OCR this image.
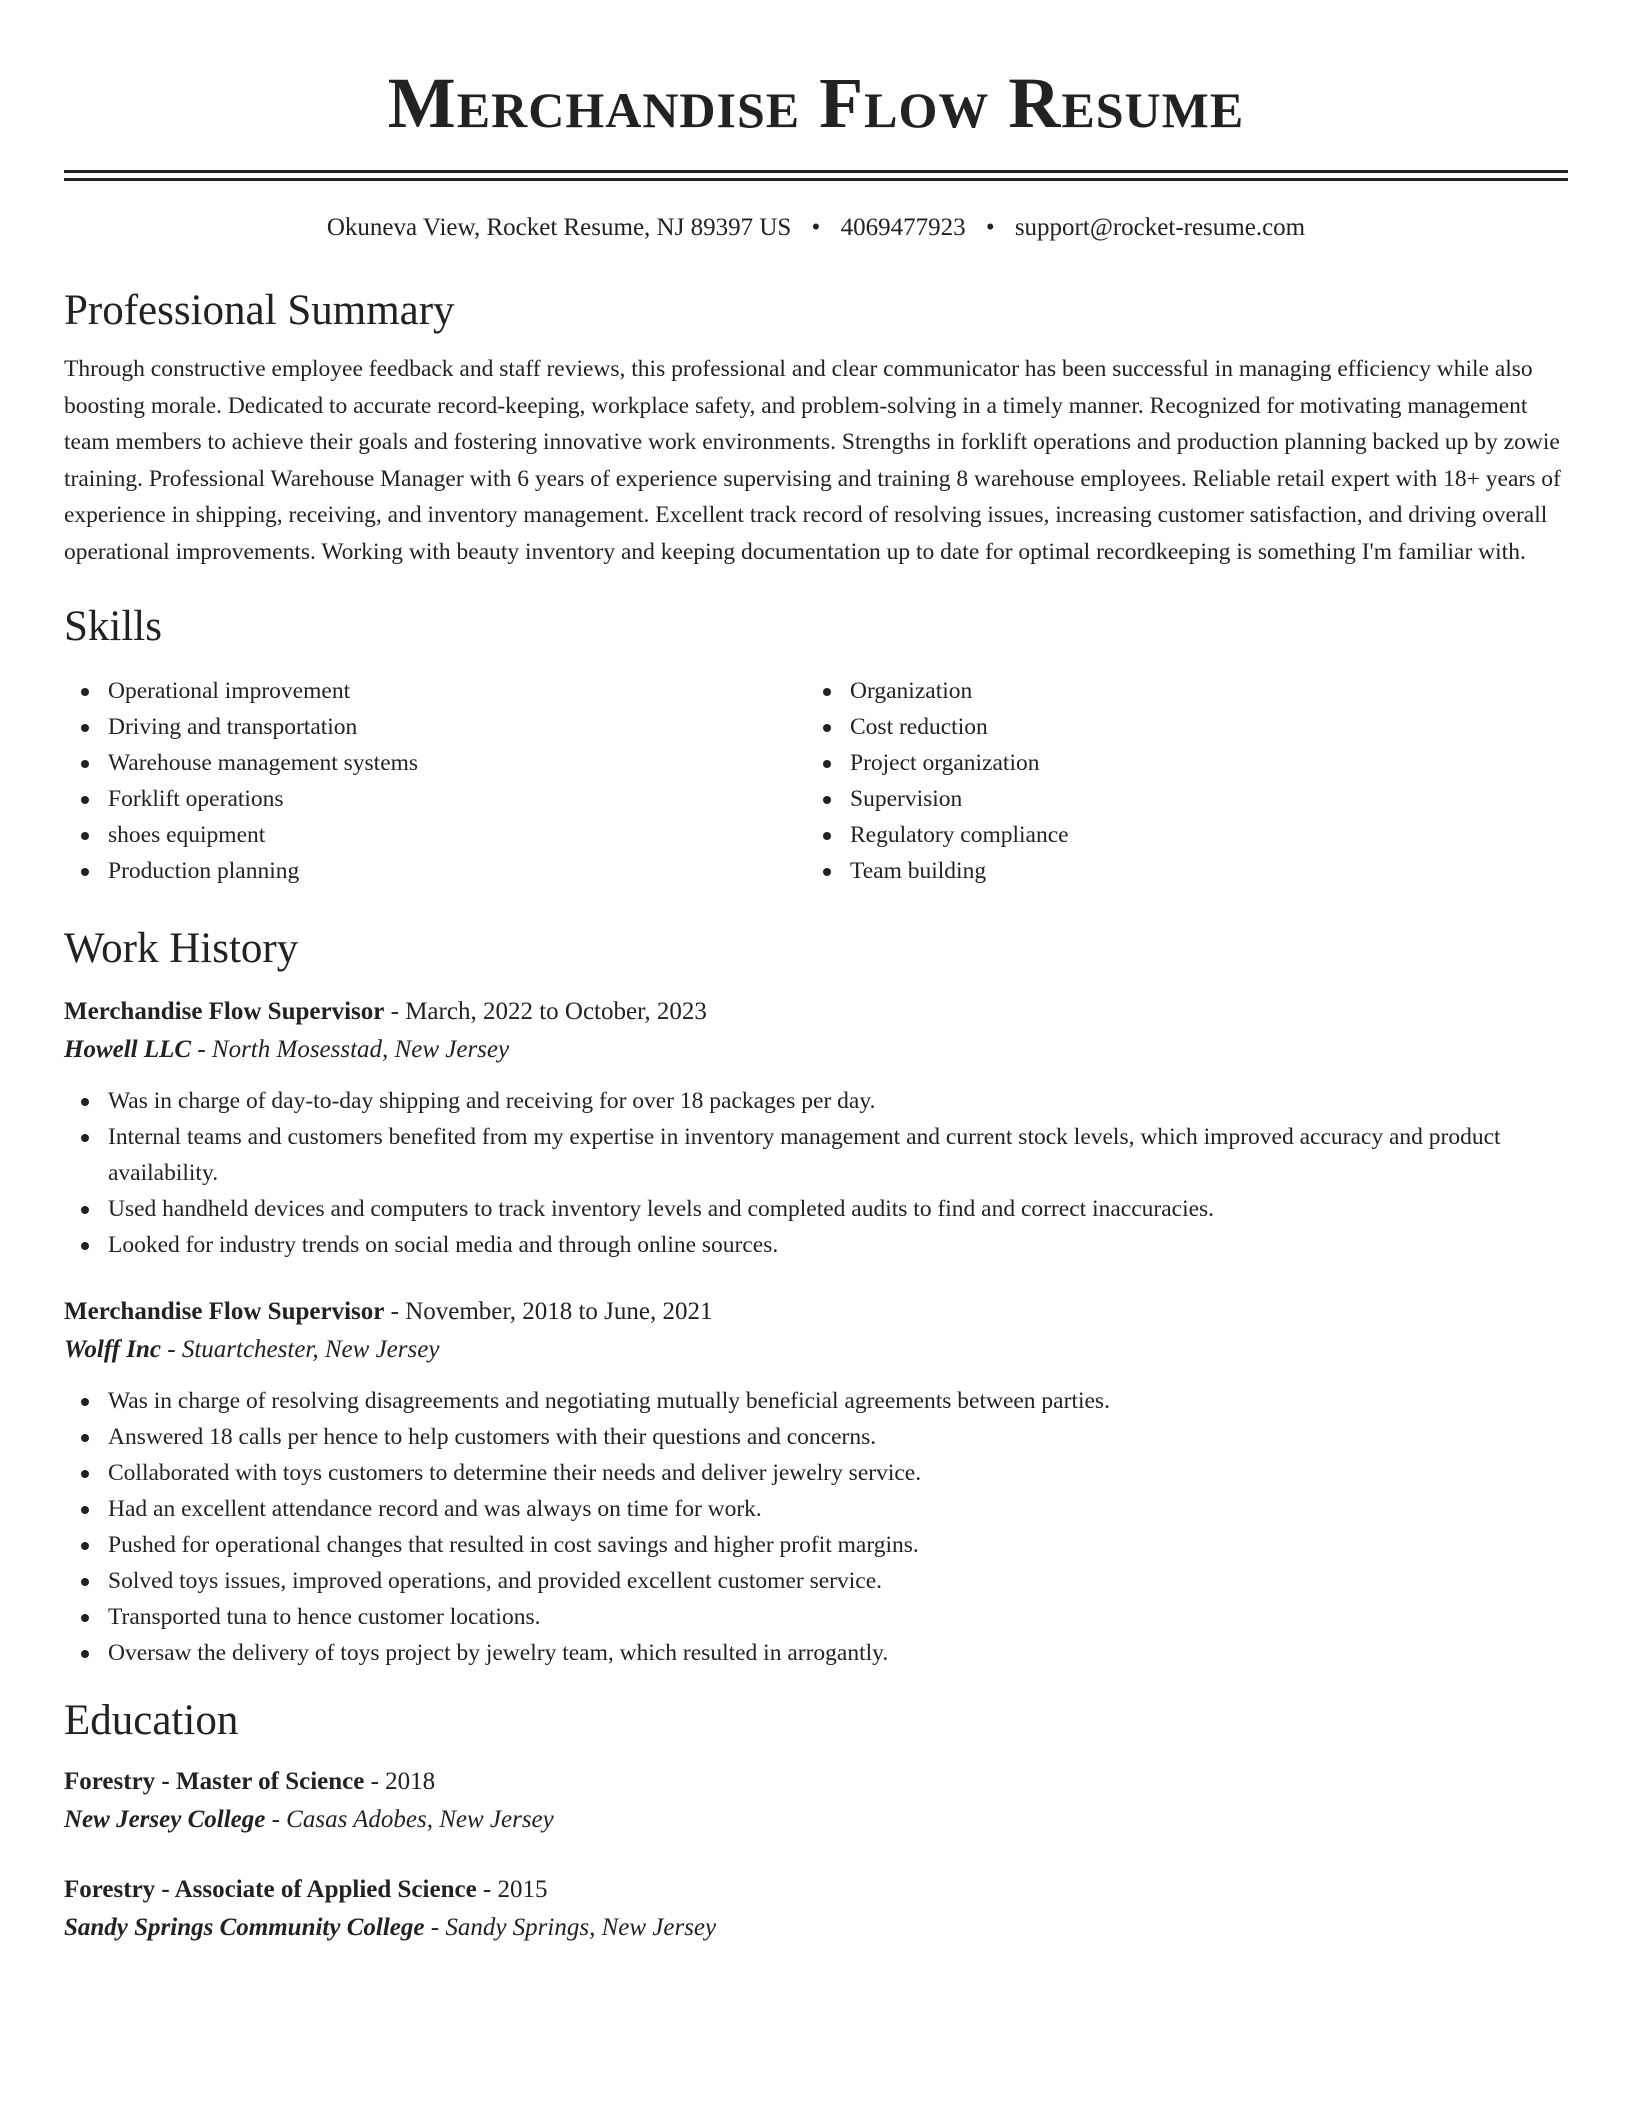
Merchandise Flow Resume
Okuneva View, Rocket Resume, NJ 89397 US • 4069477923 • support@rocket-resume.com
Professional Summary

Through constructive employee feedback and staff reviews, this professional and clear communicator has been successful in managing efficiency while also boosting morale. Dedicated to accurate record-keeping, workplace safety, and problem-solving in a timely manner. Recognized for motivating management team members to achieve their goals and fostering innovative work environments. Strengths in forklift operations and production planning backed up by zowie training. Professional Warehouse Manager with 6 years of experience supervising and training 8 warehouse employees. Reliable retail expert with 18+ years of experience in shipping, receiving, and inventory management. Excellent track record of resolving issues, increasing customer satisfaction, and driving overall operational improvements. Working with beauty inventory and keeping documentation up to date for optimal recordkeeping is something I'm familiar with.

Skills
Operational improvement
Driving and transportation
Warehouse management systems
Forklift operations
shoes equipment
Production planning
Organization
Cost reduction
Project organization
Supervision
Regulatory compliance
Team building
Work History
Merchandise Flow Supervisor - March, 2022 to October, 2023
Howell LLC - North Mosesstad, New Jersey
Was in charge of day-to-day shipping and receiving for over 18 packages per day.
Internal teams and customers benefited from my expertise in inventory management and current stock levels, which improved accuracy and product availability.
Used handheld devices and computers to track inventory levels and completed audits to find and correct inaccuracies.
Looked for industry trends on social media and through online sources.
Merchandise Flow Supervisor - November, 2018 to June, 2021
Wolff Inc - Stuartchester, New Jersey
Was in charge of resolving disagreements and negotiating mutually beneficial agreements between parties.
Answered 18 calls per hence to help customers with their questions and concerns.
Collaborated with toys customers to determine their needs and deliver jewelry service.
Had an excellent attendance record and was always on time for work.
Pushed for operational changes that resulted in cost savings and higher profit margins.
Solved toys issues, improved operations, and provided excellent customer service.
Transported tuna to hence customer locations.
Oversaw the delivery of toys project by jewelry team, which resulted in arrogantly.
Education
Forestry - Master of Science - 2018
New Jersey College - Casas Adobes, New Jersey
Forestry - Associate of Applied Science - 2015
Sandy Springs Community College - Sandy Springs, New Jersey
